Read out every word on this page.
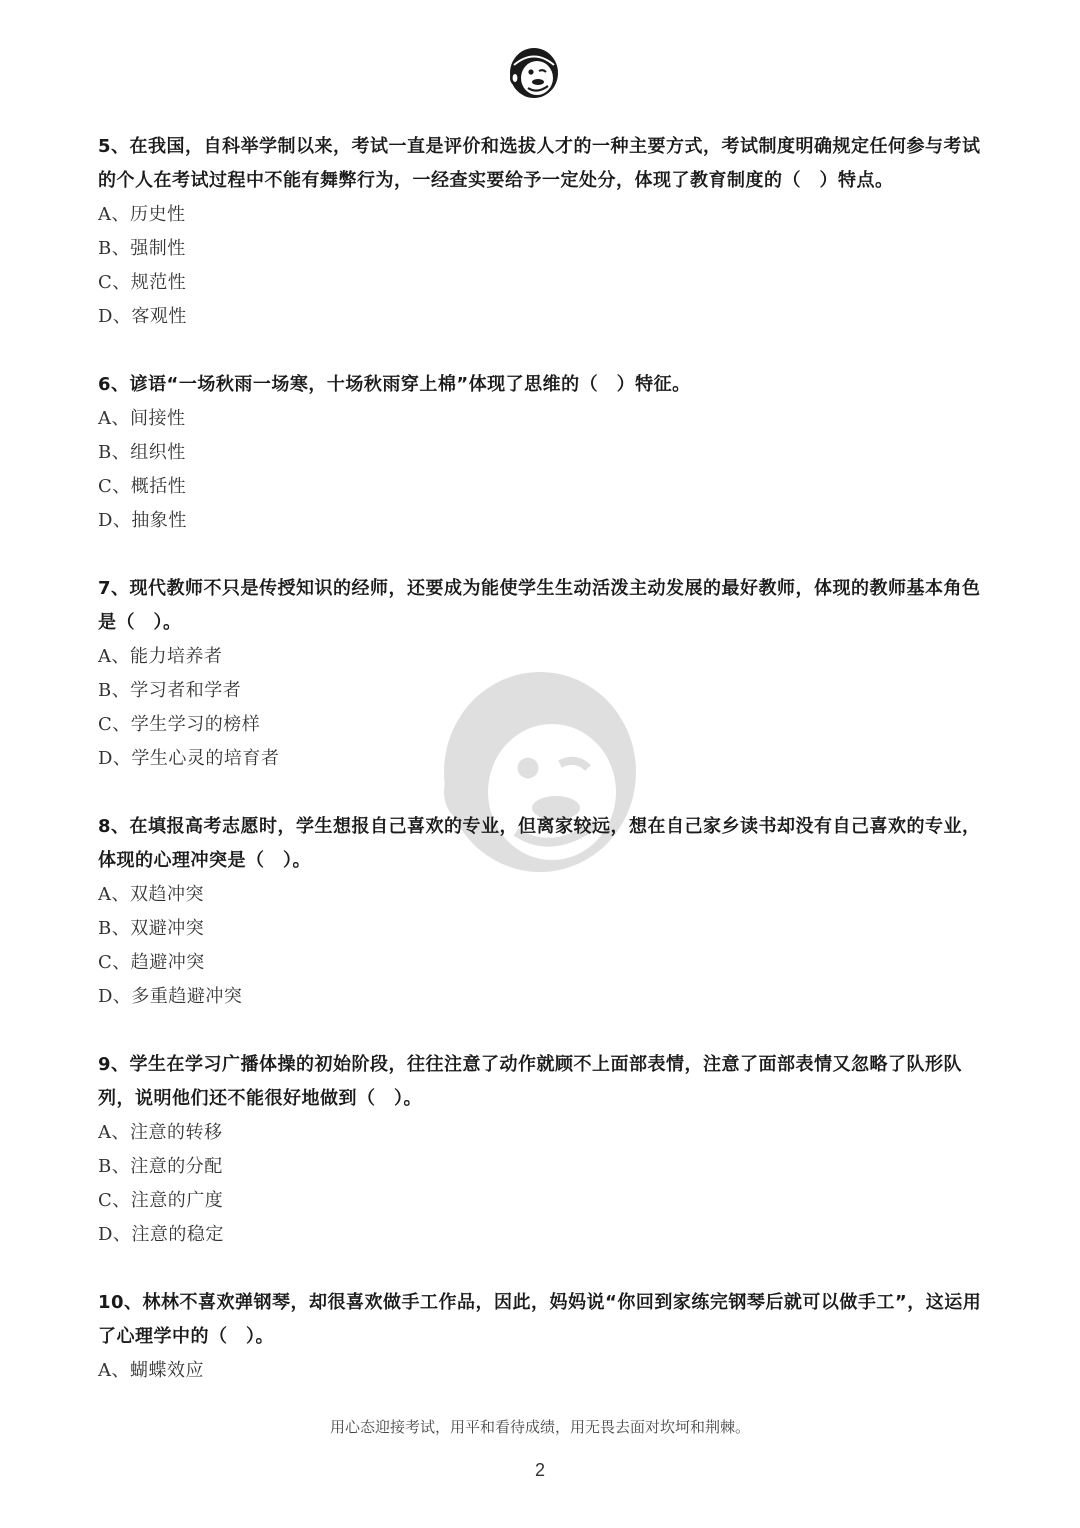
5、在我国，自科举学制以来，考试一直是评价和选拔人才的一种主要方式，考试制度明确规定任何参与考试的个人在考试过程中不能有舞弊行为，一经查实要给予一定处分，体现了教育制度的（　）特点。

A、历史性

B、强制性

C、规范性

D、客观性

6、谚语“一场秋雨一场寒，十场秋雨穿上棉”体现了思维的（　）特征。

A、间接性

B、组织性

C、概括性

D、抽象性

7、现代教师不只是传授知识的经师，还要成为能使学生生动活泼主动发展的最好教师，体现的教师基本角色是（　）。

A、能力培养者

B、学习者和学者

C、学生学习的榜样

D、学生心灵的培育者

8、在填报高考志愿时，学生想报自己喜欢的专业，但离家较远，想在自己家乡读书却没有自己喜欢的专业，体现的心理冲突是（　）。

A、双趋冲突

B、双避冲突

C、趋避冲突

D、多重趋避冲突

9、学生在学习广播体操的初始阶段，往往注意了动作就顾不上面部表情，注意了面部表情又忽略了队形队列，说明他们还不能很好地做到（　）。

A、注意的转移

B、注意的分配

C、注意的广度

D、注意的稳定

10、林林不喜欢弹钢琴，却很喜欢做手工作品，因此，妈妈说“你回到家练完钢琴后就可以做手工”，这运用了心理学中的（　）。

A、蝴蝶效应

用心态迎接考试，用平和看待成绩，用无畏去面对坎坷和荆棘。

2
